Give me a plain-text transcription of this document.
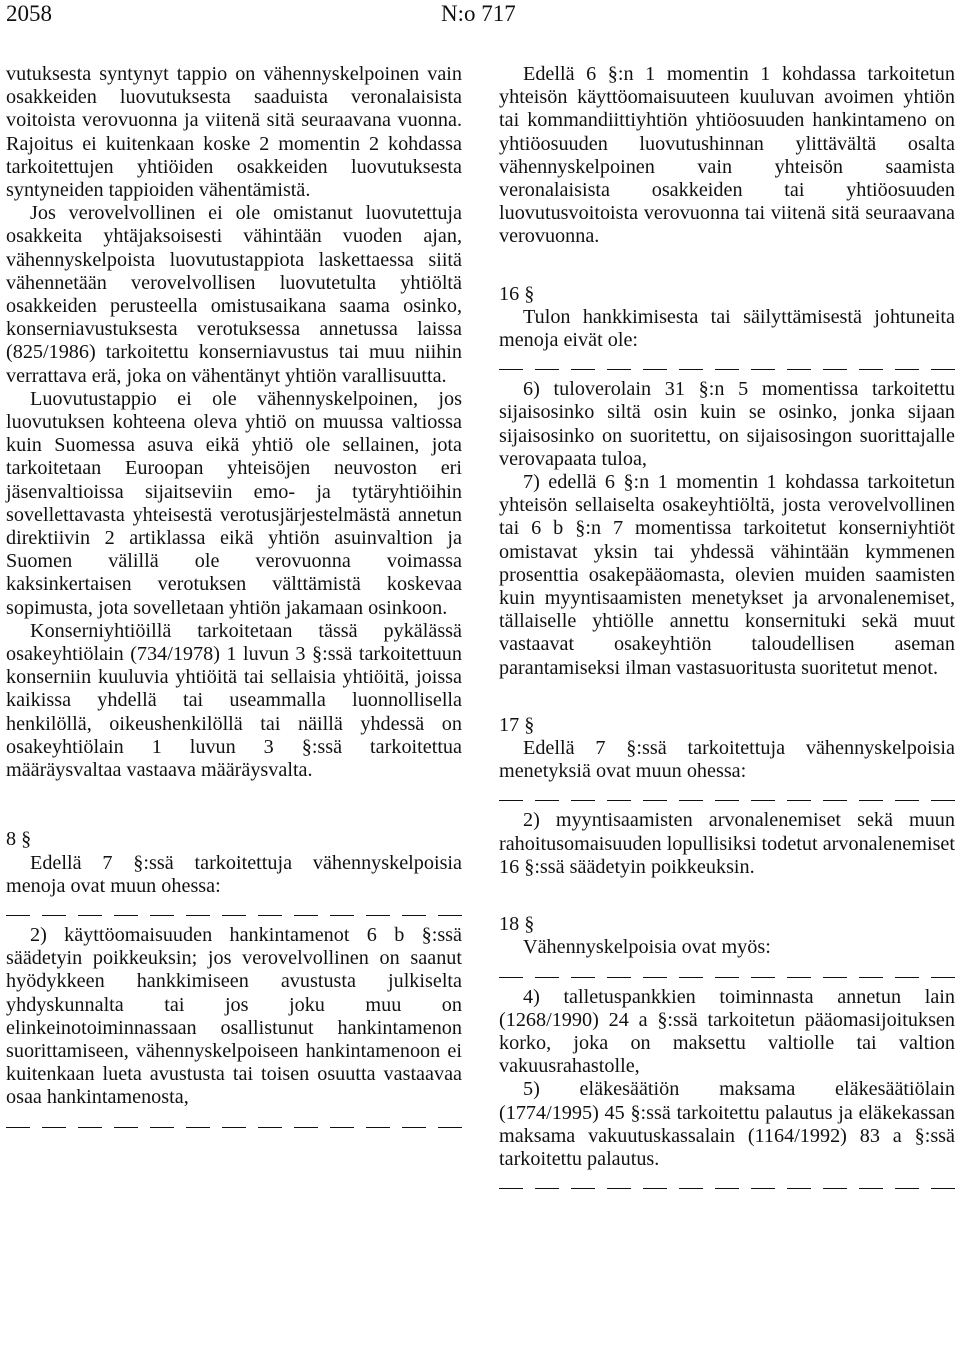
2058	N:o 717

vutuksesta syntynyt tappio on vähennyskelpoinen vain osakkeiden luovutuksesta saaduista veronalaisista voitoista verovuonna ja viitenä sitä seuraavana vuonna. Rajoitus ei kuitenkaan koske 2 momentin 2 kohdassa tarkoitettujen yhtiöiden osakkeiden luovutuksesta syntyneiden tappioiden vähentämistä.

Jos verovelvollinen ei ole omistanut luovutettuja osakkeita yhtäjaksoisesti vähintään vuoden ajan, vähennyskelpoista luovutustappiota laskettaessa siitä vähennetään verovelvollisen luovutetulta yhtiöltä osakkeiden perusteella omistusaikana saama osinko, konserniavustuksesta verotuksessa annetussa laissa (825/1986) tarkoitettu konserniavustus tai muu niihin verrattava erä, joka on vähentänyt yhtiön varallisuutta.

Luovutustappio ei ole vähennyskelpoinen, jos luovutuksen kohteena oleva yhtiö on muussa valtiossa kuin Suomessa asuva eikä yhtiö ole sellainen, jota tarkoitetaan Euroopan yhteisöjen neuvoston eri jäsenvaltioissa sijaitseviin emo- ja tytäryhtiöihin sovellettavasta yhteisestä verotusjärjestelmästä annetun direktiivin 2 artiklassa eikä yhtiön asuinvaltion ja Suomen välillä ole verovuonna voimassa kaksinkertaisen verotuksen välttämistä koskevaa sopimusta, jota sovelletaan yhtiön jakamaan osinkoon.

Konserniyhtiöillä tarkoitetaan tässä pykälässä osakeyhtiölain (734/1978) 1 luvun 3 §:ssä tarkoitettuun konserniin kuuluvia yhtiöitä tai sellaisia yhtiöitä, joissa kaikissa yhdellä tai useammalla luonnollisella henkilöllä, oikeushenkilöllä tai näillä yhdessä on osakeyhtiölain 1 luvun 3 §:ssä tarkoitettua määräysvaltaa vastaava määräysvalta.

8 §

Edellä 7 §:ssä tarkoitettuja vähennyskelpoisia menoja ovat muun ohessa:

2) käyttöomaisuuden hankintamenot 6 b §:ssä säädetyin poikkeuksin; jos verovelvollinen on saanut hyödykkeen hankkimiseen avustusta julkiselta yhdyskunnalta tai jos joku muu on elinkeinotoiminnassaan osallistunut hankintamenon suorittamiseen, vähennyskelpoiseen hankintamenoon ei kuitenkaan lueta avustusta tai toisen osuutta vastaavaa osaa hankintamenosta,

Edellä 6 §:n 1 momentin 1 kohdassa tarkoitetun yhteisön käyttöomaisuuteen kuuluvan avoimen yhtiön tai kommandiittiyhtiön yhtiöosuuden hankintameno on yhtiöosuuden luovutushinnan ylittävältä osalta vähennyskelpoinen vain yhteisön saamista veronalaisista osakkeiden tai yhtiöosuuden luovutusvoitoista verovuonna tai viitenä sitä seuraavana verovuonna.

16 §

Tulon hankkimisesta tai säilyttämisestä johtuneita menoja eivät ole:

6) tuloverolain 31 §:n 5 momentissa tarkoitettu sijaisosinko siltä osin kuin se osinko, jonka sijaan sijaisosinko on suoritettu, on sijaisosingon suorittajalle verovapaata tuloa,

7) edellä 6 §:n 1 momentin 1 kohdassa tarkoitetun yhteisön sellaiselta osakeyhtiöltä, josta verovelvollinen tai 6 b §:n 7 momentissa tarkoitetut konserniyhtiöt omistavat yksin tai yhdessä vähintään kymmenen prosenttia osakepääomasta, olevien muiden saamisten kuin myyntisaamisten menetykset ja arvonalenemiset, tällaiselle yhtiölle annettu konsernituki sekä muut vastaavat osakeyhtiön taloudellisen aseman parantamiseksi ilman vastasuoritusta suoritetut menot.

17 §

Edellä 7 §:ssä tarkoitettuja vähennyskelpoisia menetyksiä ovat muun ohessa:

2) myyntisaamisten arvonalenemiset sekä muun rahoitusomaisuuden lopullisiksi todetut arvonalenemiset 16 §:ssä säädetyin poikkeuksin.

18 §

Vähennyskelpoisia ovat myös:

4) talletuspankkien toiminnasta annetun lain (1268/1990) 24 a §:ssä tarkoitetun pääomasijoituksen korko, joka on maksettu valtiolle tai valtion vakuusrahastolle,

5) eläkesäätiön maksama eläkesäätiölain (1774/1995) 45 §:ssä tarkoitettu palautus ja eläkekassan maksama vakuutuskassalain (1164/1992) 83 a §:ssä tarkoitettu palautus.
